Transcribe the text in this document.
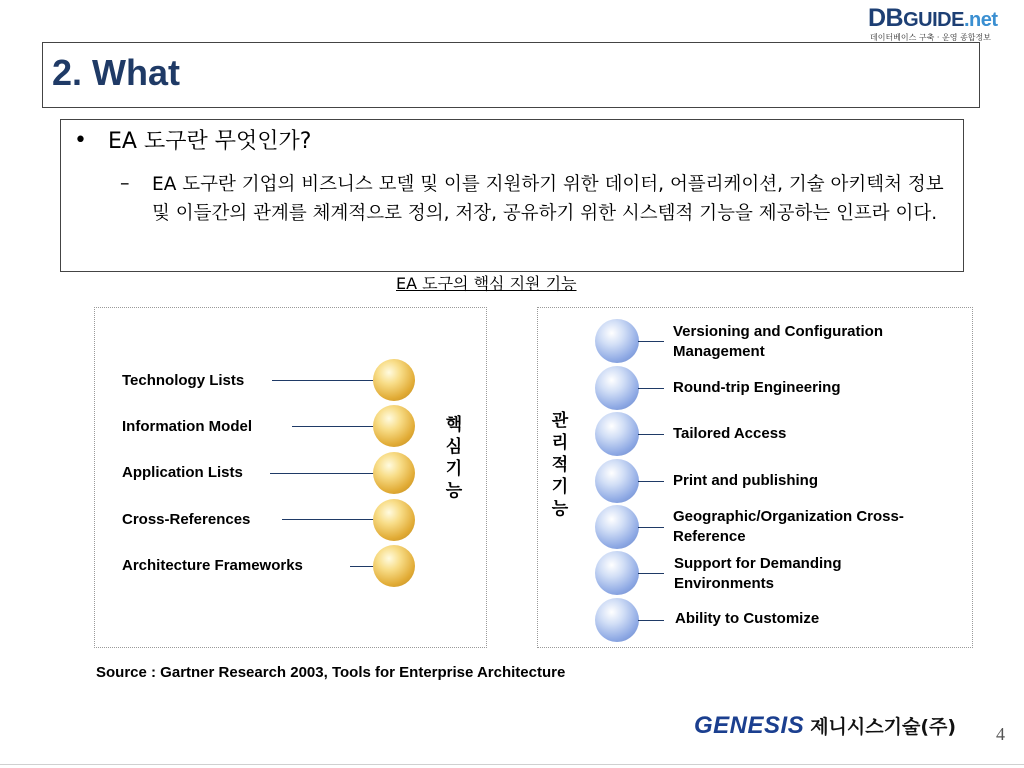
DBGUIDE.net
데이터베이스 구축 · 운영 종합정보
2. What
• EA 도구란 무엇인가?
– EA 도구란 기업의 비즈니스 모델 및 이를 지원하기 위한 데이터, 어플리케이션, 기술 아키텍처 정보 및 이들간의 관계를 체계적으로 정의, 저장, 공유하기 위한 시스템적 기능을 제공하는 인프라 이다.
EA 도구의 핵심 지원 기능
Technology Lists
Information Model
Application Lists
Cross-References
Architecture Frameworks
핵심 기능
관리적 기능
Versioning and Configuration Management
Round-trip Engineering
Tailored Access
Print and publishing
Geographic/Organization Cross-Reference
Support for Demanding Environments
Ability to Customize
Source : Gartner Research 2003, Tools for Enterprise Architecture
GENESIS 제니시스기술(주) 4
